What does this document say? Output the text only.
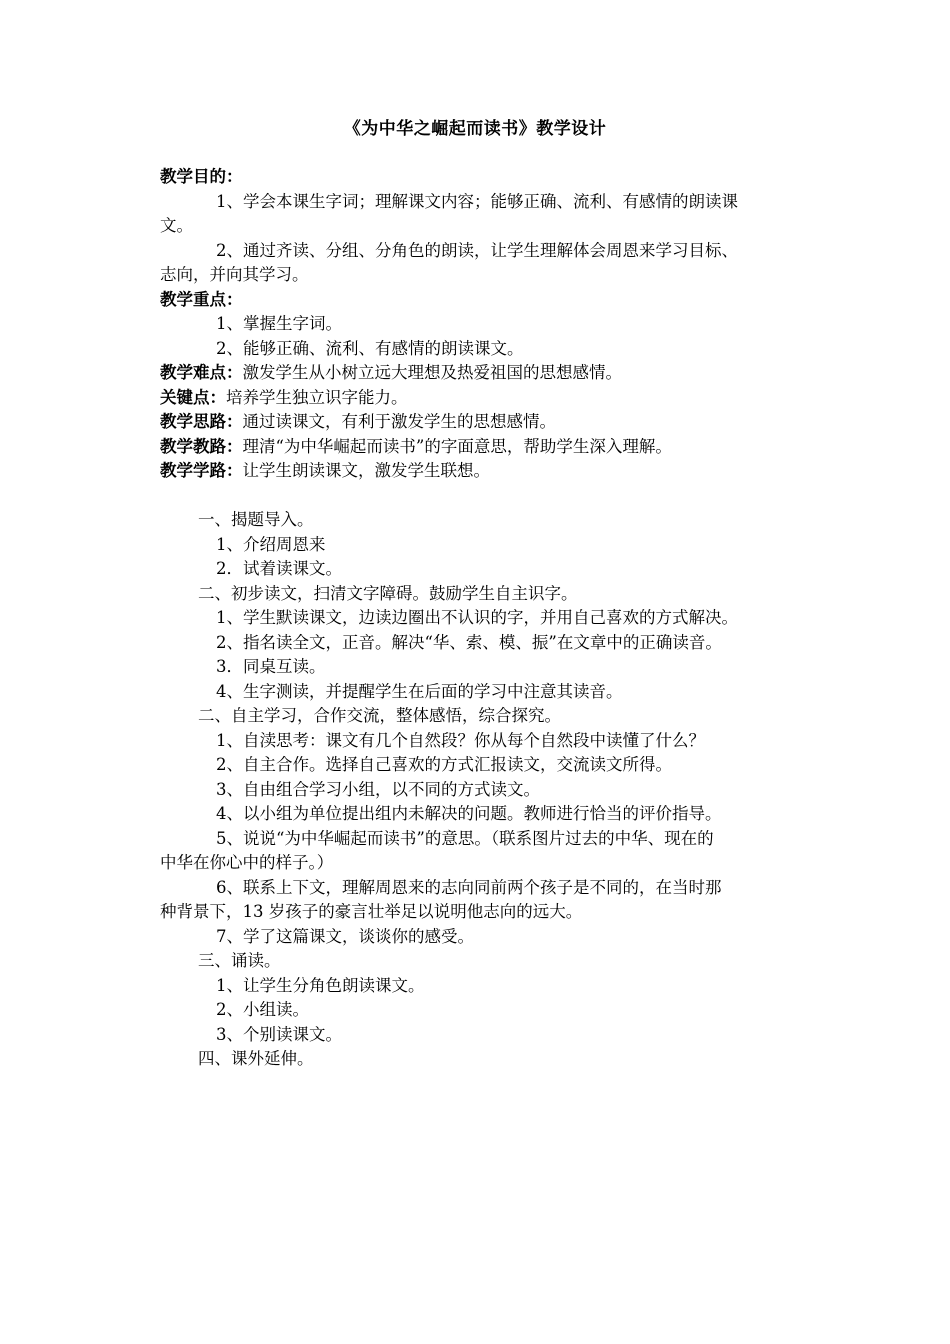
《为中华之崛起而读书》教学设计
教学目的：
1、学会本课生字词；理解课文内容；能够正确、流利、有感情的朗读课
文。
2、通过齐读、分组、分角色的朗读，让学生理解体会周恩来学习目标、
志向，并向其学习。
教学重点：
1、掌握生字词。
2、能够正确、流利、有感情的朗读课文。
教学难点：激发学生从小树立远大理想及热爱祖国的思想感情。
关键点：培养学生独立识字能力。
教学思路：通过读课文，有利于激发学生的思想感情。
教学教路：理清“为中华崛起而读书”的字面意思，帮助学生深入理解。
教学学路：让学生朗读课文，激发学生联想。
一、揭题导入。
1、介绍周恩来
2．试着读课文。
二、初步读文，扫清文字障碍。鼓励学生自主识字。
1、学生默读课文，边读边圈出不认识的字，并用自己喜欢的方式解决。
2、指名读全文，正音。解决“华、索、模、振”在文章中的正确读音。
3．同桌互读。
4、生字测读，并提醒学生在后面的学习中注意其读音。
二、自主学习，合作交流，整体感悟，综合探究。
1、自渎思考：课文有几个自然段？你从每个自然段中读懂了什么？
2、自主合作。选择自己喜欢的方式汇报读文，交流读文所得。
3、自由组合学习小组，以不同的方式读文。
4、以小组为单位提出组内未解决的问题。教师进行恰当的评价指导。
5、说说“为中华崛起而读书”的意思。（联系图片过去的中华、现在的
中华在你心中的样子。）
6、联系上下文，理解周恩来的志向同前两个孩子是不同的，在当时那
种背景下，13 岁孩子的豪言壮举足以说明他志向的远大。
7、学了这篇课文，谈谈你的感受。
三、诵读。
1、让学生分角色朗读课文。
2、小组读。
3、个别读课文。
四、课外延伸。
